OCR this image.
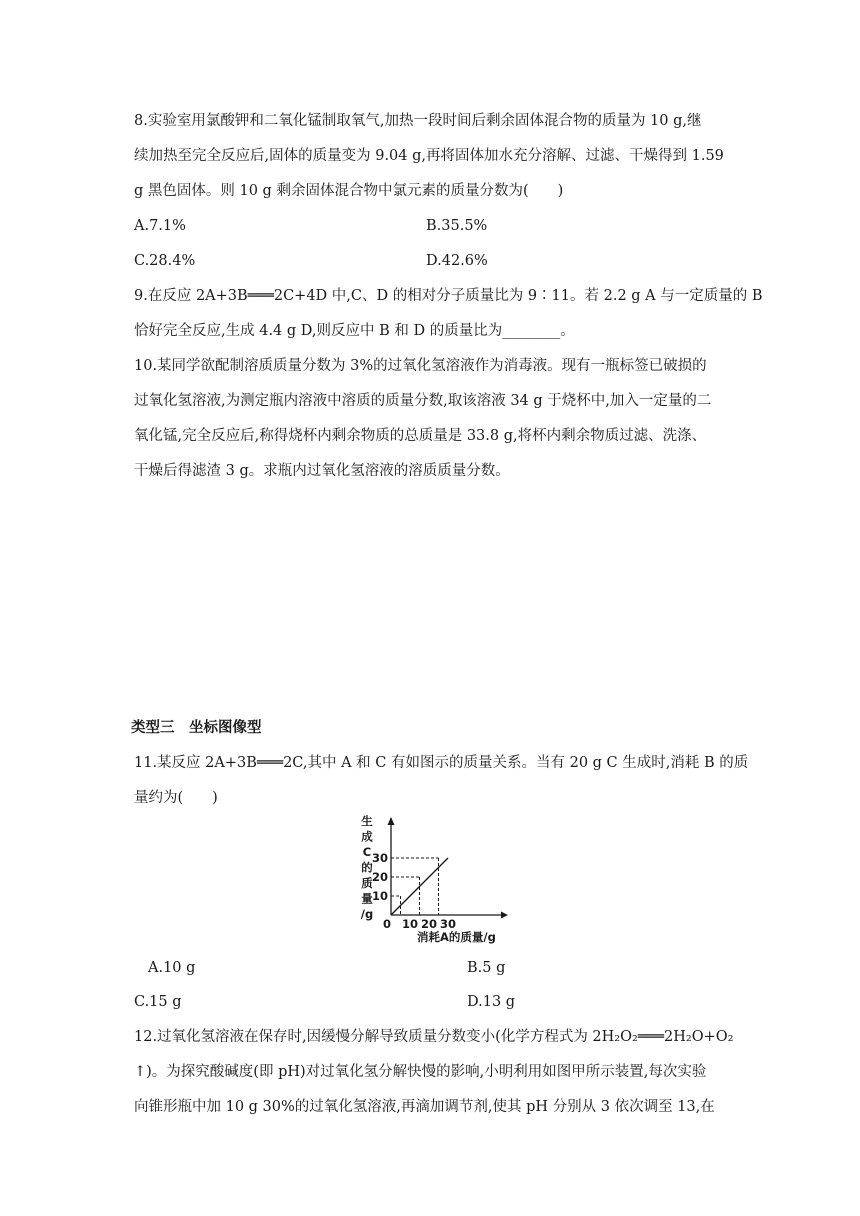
8.实验室用氯酸钾和二氧化锰制取氧气,加热一段时间后剩余固体混合物的质量为 10 g,继
续加热至完全反应后,固体的质量变为 9.04 g,再将固体加水充分溶解、过滤、干燥得到 1.59
g 黑色固体。则 10 g 剩余固体混合物中氯元素的质量分数为(　　)
A.7.1%	B.35.5%
C.28.4%	D.42.6%
9.在反应 2A+3B═══2C+4D 中,C、D 的相对分子质量比为 9∶11。若 2.2 g A 与一定质量的 B
恰好完全反应,生成 4.4 g D,则反应中 B 和 D 的质量比为________。
10.某同学欲配制溶质质量分数为 3%的过氧化氢溶液作为消毒液。现有一瓶标签已破损的
过氧化氢溶液,为测定瓶内溶液中溶质的质量分数,取该溶液 34 g 于烧杯中,加入一定量的二
氧化锰,完全反应后,称得烧杯内剩余物质的总质量是 33.8 g,将杯内剩余物质过滤、洗涤、
干燥后得滤渣 3 g。求瓶内过氧化氢溶液的溶质质量分数。
类型三　坐标图像型
11.某反应 2A+3B═══2C,其中 A 和 C 有如图示的质量关系。当有 20 g C 生成时,消耗 B 的质
量约为(　　)
生
成
C
的
质
量
/g
10
20
30
0 10 20 30
消耗A的质量/g
A.10 g	B.5 g
C.15 g	D.13 g
12.过氧化氢溶液在保存时,因缓慢分解导致质量分数变小(化学方程式为 2H₂O₂═══2H₂O+O₂
↑)。为探究酸碱度(即 pH)对过氧化氢分解快慢的影响,小明利用如图甲所示装置,每次实验
向锥形瓶中加 10 g 30%的过氧化氢溶液,再滴加调节剂,使其 pH 分别从 3 依次调至 13,在
